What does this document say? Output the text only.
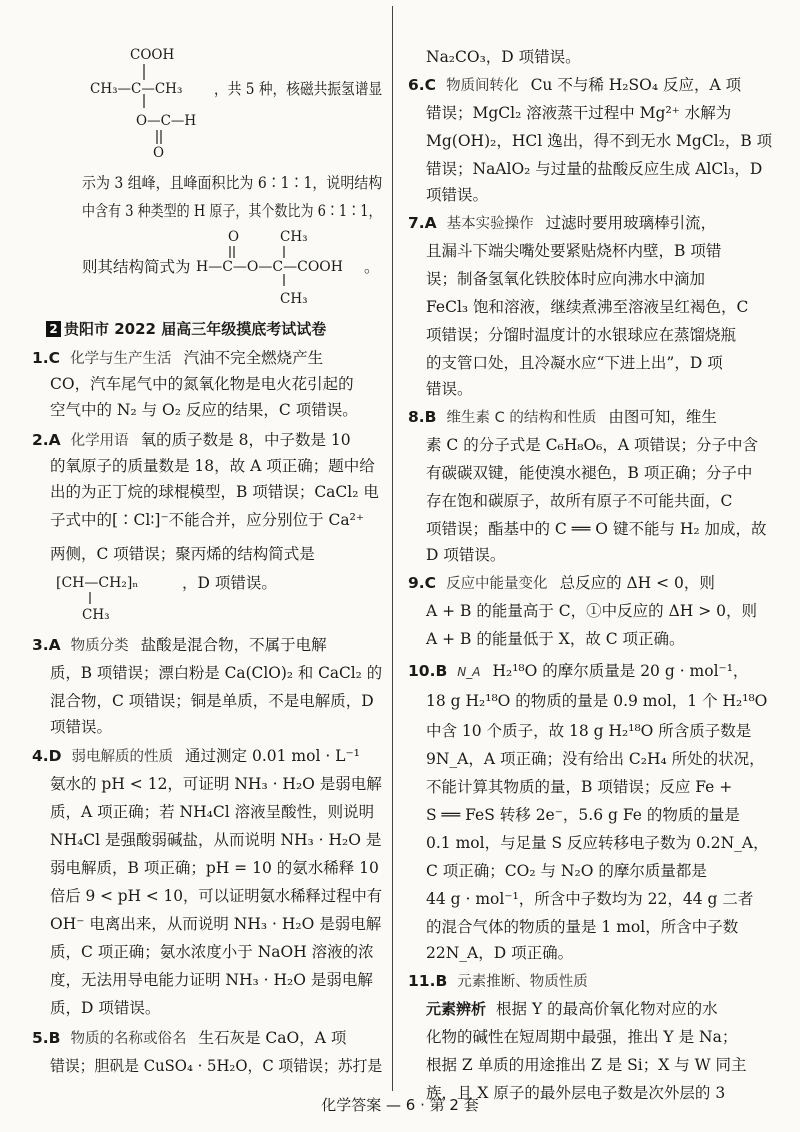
COOH
CH₃—C—CH₃ ，共 5 种，核磁共振氢谱显
O—C—H
O
示为 3 组峰，且峰面积比为 6∶1∶1，说明结构
中含有 3 种类型的 H 原子，其个数比为 6∶1∶1，
O	CH₃
则其结构简式为 H—C—O—C—COOH 。
CH₃
2 贵阳市 2022 届高三年级摸底考试试卷
1.C 化学与生产生活 汽油不完全燃烧产生
CO，汽车尾气中的氮氧化物是电火花引起的
空气中的 N₂ 与 O₂ 反应的结果，C 项错误。
2.A 化学用语 氧的质子数是 8，中子数是 10
的氧原子的质量数是 18，故 A 项正确；题中给
出的为正丁烷的球棍模型，B 项错误；CaCl₂ 电
子式中的[∶Cl∶]⁻不能合并，应分别位于 Ca²⁺
两侧，C 项错误；聚丙烯的结构简式是
[CH—CH₂]ₙ	，D 项错误。
CH₃
3.A 物质分类 盐酸是混合物，不属于电解
质，B 项错误；漂白粉是 Ca(ClO)₂ 和 CaCl₂ 的
混合物，C 项错误；铜是单质，不是电解质，D
项错误。
4.D 弱电解质的性质 通过测定 0.01 mol · L⁻¹
氨水的 pH < 12，可证明 NH₃ · H₂O 是弱电解
质，A 项正确；若 NH₄Cl 溶液呈酸性，则说明
NH₄Cl 是强酸弱碱盐，从而说明 NH₃ · H₂O 是
弱电解质，B 项正确；pH = 10 的氨水稀释 10
倍后 9 < pH < 10，可以证明氨水稀释过程中有
OH⁻ 电离出来，从而说明 NH₃ · H₂O 是弱电解
质，C 项正确；氨水浓度小于 NaOH 溶液的浓
度，无法用导电能力证明 NH₃ · H₂O 是弱电解
质，D 项错误。
5.B 物质的名称或俗名 生石灰是 CaO，A 项
错误；胆矾是 CuSO₄ · 5H₂O，C 项错误；苏打是
Na₂CO₃，D 项错误。
6.C 物质间转化 Cu 不与稀 H₂SO₄ 反应，A 项
错误；MgCl₂ 溶液蒸干过程中 Mg²⁺ 水解为
Mg(OH)₂，HCl 逸出，得不到无水 MgCl₂，B 项
错误；NaAlO₂ 与过量的盐酸反应生成 AlCl₃，D
项错误。
7.A 基本实验操作 过滤时要用玻璃棒引流，
且漏斗下端尖嘴处要紧贴烧杯内壁，B 项错
误；制备氢氧化铁胶体时应向沸水中滴加
FeCl₃ 饱和溶液，继续煮沸至溶液呈红褐色，C
项错误；分馏时温度计的水银球应在蒸馏烧瓶
的支管口处，且冷凝水应“下进上出”，D 项
错误。
8.B 维生素 C 的结构和性质 由图可知，维生
素 C 的分子式是 C₆H₈O₆，A 项错误；分子中含
有碳碳双键，能使溴水褪色，B 项正确；分子中
存在饱和碳原子，故所有原子不可能共面，C
项错误；酯基中的 C ══ O 键不能与 H₂ 加成，故
D 项错误。
9.C 反应中能量变化 总反应的 ΔH < 0，则
A + B 的能量高于 C，①中反应的 ΔH > 0，则
A + B 的能量低于 X，故 C 项正确。
10.B N_A H₂¹⁸O 的摩尔质量是 20 g · mol⁻¹，
18 g H₂¹⁸O 的物质的量是 0.9 mol，1 个 H₂¹⁸O
中含 10 个质子，故 18 g H₂¹⁸O 所含质子数是
9N_A，A 项正确；没有给出 C₂H₄ 所处的状况，
不能计算其物质的量，B 项错误；反应 Fe +
S ══ FeS 转移 2e⁻，5.6 g Fe 的物质的量是
0.1 mol，与足量 S 反应转移电子数为 0.2N_A，
C 项正确；CO₂ 与 N₂O 的摩尔质量都是
44 g · mol⁻¹，所含中子数均为 22，44 g 二者
的混合气体的物质的量是 1 mol，所含中子数
22N_A，D 项正确。
11.B 元素推断、物质性质
元素辨析 根据 Y 的最高价氧化物对应的水
化物的碱性在短周期中最强，推出 Y 是 Na；
根据 Z 单质的用途推出 Z 是 Si；X 与 W 同主
族，且 X 原子的最外层电子数是次外层的 3
化学答案 — 6 · 第 2 套
